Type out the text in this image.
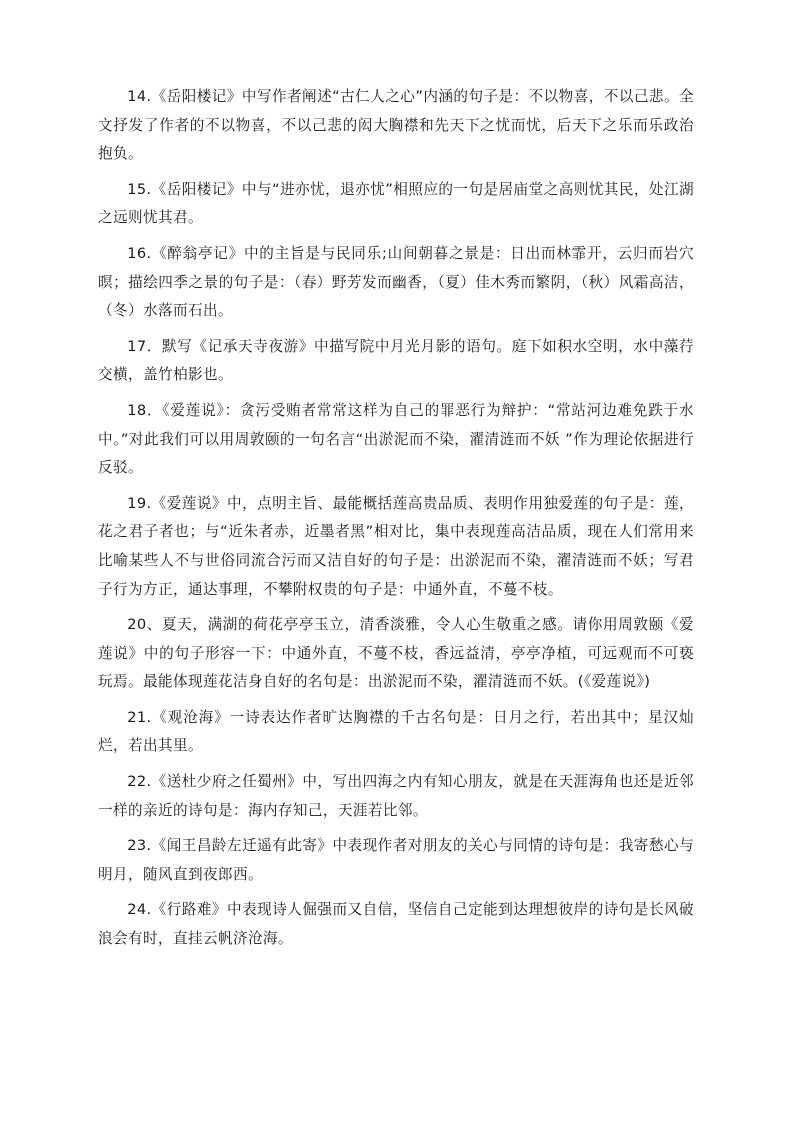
14.《岳阳楼记》中写作者阐述“古仁人之心”内涵的句子是：不以物喜，不以己悲。全文抒发了作者的不以物喜，不以己悲的闳大胸襟和先天下之忧而忧，后天下之乐而乐政治抱负。

15.《岳阳楼记》中与“进亦忧，退亦忧”相照应的一句是居庙堂之高则忧其民，处江湖之远则忧其君。

16.《醉翁亭记》中的主旨是与民同乐;山间朝暮之景是：日出而林霏开，云归而岩穴暝；描绘四季之景的句子是：（春）野芳发而幽香，（夏）佳木秀而繁阴，（秋）风霜高洁，（冬）水落而石出。

17．默写《记承天寺夜游》中描写院中月光月影的语句。庭下如积水空明，水中藻荇交横，盖竹柏影也。

18．《爱莲说》：贪污受贿者常常这样为自己的罪恶行为辩护：“常站河边难免跌于水中。”对此我们可以用周敦颐的一句名言“出淤泥而不染，濯清涟而不妖 ”作为理论依据进行反驳。

19.《爱莲说》中，点明主旨、最能概括莲高贵品质、表明作用独爱莲的句子是：莲，花之君子者也；与“近朱者赤，近墨者黑”相对比，集中表现莲高洁品质，现在人们常用来比喻某些人不与世俗同流合污而又洁自好的句子是：出淤泥而不染，濯清涟而不妖；写君子行为方正，通达事理，不攀附权贵的句子是：中通外直，不蔓不枝。

20、夏天，满湖的荷花亭亭玉立，清香淡雅，令人心生敬重之感。请你用周敦颐《爱莲说》中的句子形容一下：中通外直，不蔓不枝，香远益清，亭亭净植，可远观而不可亵玩焉。最能体现莲花洁身自好的名句是：出淤泥而不染，濯清涟而不妖。(《爱莲说》)

21.《观沧海》一诗表达作者旷达胸襟的千古名句是：日月之行，若出其中；星汉灿烂，若出其里。

22.《送杜少府之任蜀州》中，写出四海之内有知心朋友，就是在天涯海角也还是近邻一样的亲近的诗句是：海内存知己，天涯若比邻。

23.《闻王昌龄左迁遥有此寄》中表现作者对朋友的关心与同情的诗句是：我寄愁心与明月，随风直到夜郎西。

24.《行路难》中表现诗人倔强而又自信，坚信自己定能到达理想彼岸的诗句是长风破浪会有时，直挂云帆济沧海。
